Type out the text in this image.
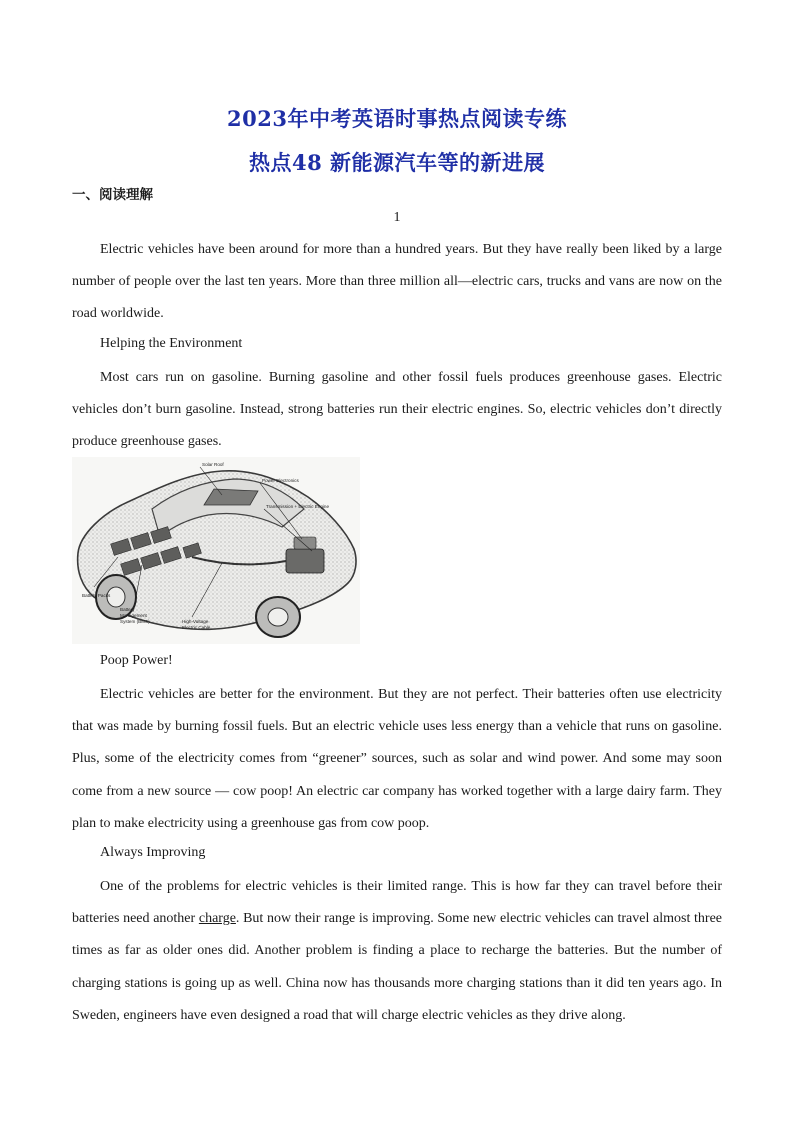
2023年中考英语时事热点阅读专练
热点48 新能源汽车等的新进展
一、阅读理解
1

Electric vehicles have been around for more than a hundred years. But they have really been liked by a large number of people over the last ten years. More than three million all—electric cars, trucks and vans are now on the road worldwide.

Helping the Environment

Most cars run on gasoline. Burning gasoline and other fossil fuels produces greenhouse gases. Electric vehicles don’t burn gasoline. Instead, strong batteries run their electric engines. So, electric vehicles don’t directly produce greenhouse gases.

Solar Roof
Power Electronics
Transmission + Electric Engine
Battery Packs
Battery
Management
System (BMS)	High-Voltage
Electric Cable

Poop Power!

Electric vehicles are better for the environment. But they are not perfect. Their batteries often use electricity that was made by burning fossil fuels. But an electric vehicle uses less energy than a vehicle that runs on gasoline. Plus, some of the electricity comes from “greener” sources, such as solar and wind power. And some may soon come from a new source — cow poop! An electric car company has worked together with a large dairy farm. They plan to make electricity using a greenhouse gas from cow poop.

Always Improving

One of the problems for electric vehicles is their limited range. This is how far they can travel before their batteries need another charge. But now their range is improving. Some new electric vehicles can travel almost three times as far as older ones did. Another problem is finding a place to recharge the batteries. But the number of charging stations is going up as well. China now has thousands more charging stations than it did ten years ago. In Sweden, engineers have even designed a road that will charge electric vehicles as they drive along.
